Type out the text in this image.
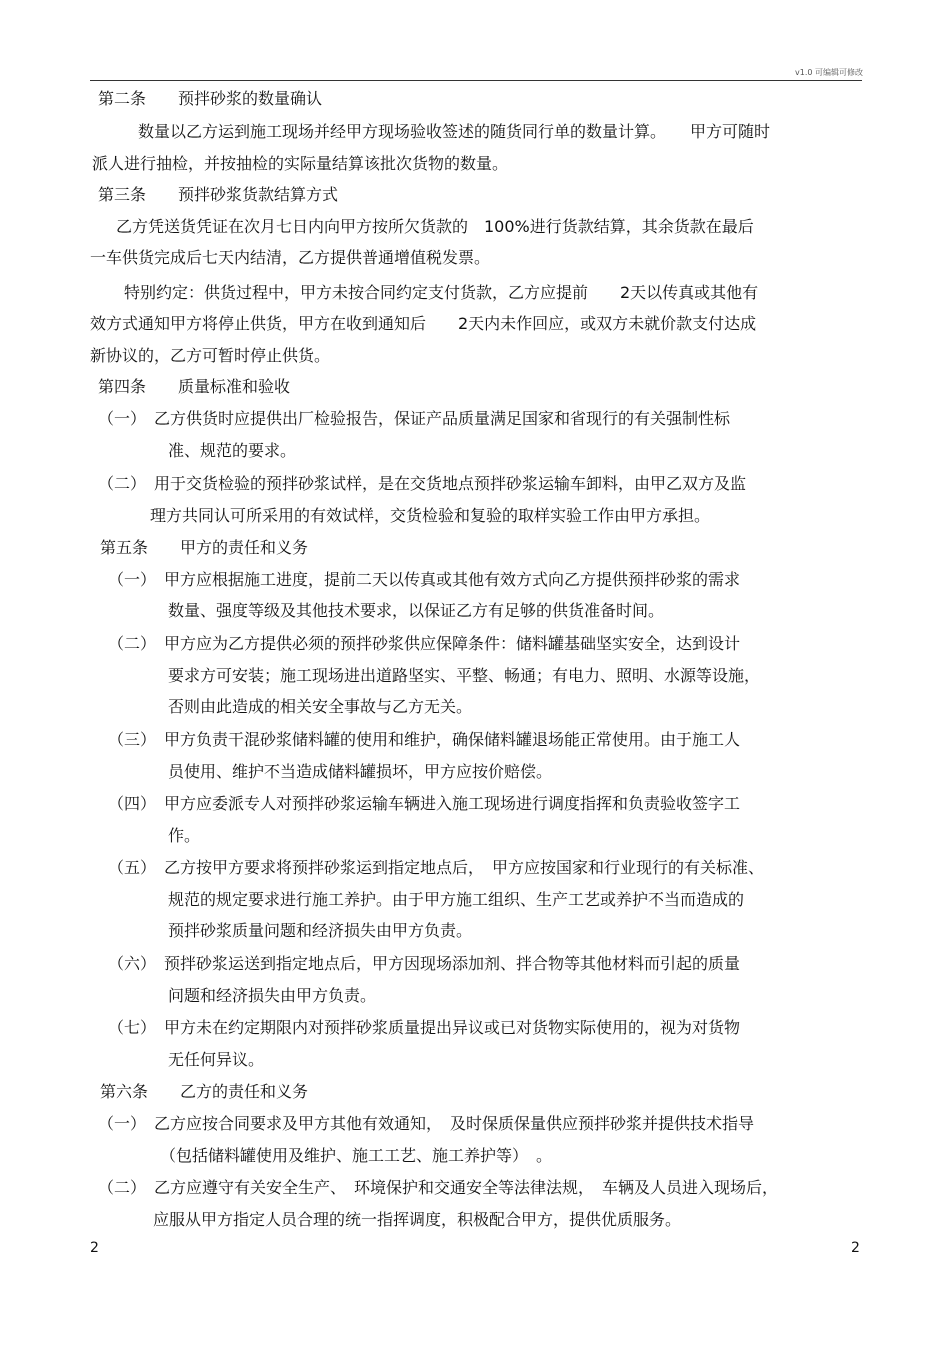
v1.0 可编辑可修改
第二条　　预拌砂浆的数量确认
　　数量以乙方运到施工现场并经甲方现场验收签述的随货同行单的数量计算。　　甲方可随时
派人进行抽检，并按抽检的实际量结算该批次货物的数量。
第三条　　预拌砂浆货款结算方式
　乙方凭送货凭证在次月七日内向甲方按所欠货款的　100%进行货款结算，其余货款在最后
一车供货完成后七天内结清，乙方提供普通增值税发票。
　特别约定：供货过程中，甲方未按合同约定支付货款，乙方应提前　　2天以传真或其他有
效方式通知甲方将停止供货，甲方在收到通知后　　2天内未作回应，或双方未就价款支付达成
新协议的，乙方可暂时停止供货。
第四条　　质量标准和验收
（一）　乙方供货时应提供出厂检验报告，保证产品质量满足国家和省现行的有关强制性标
准、规范的要求。
（二）　用于交货检验的预拌砂浆试样，是在交货地点预拌砂浆运输车卸料，由甲乙双方及监
理方共同认可所采用的有效试样，交货检验和复验的取样实验工作由甲方承担。
第五条　　甲方的责任和义务
（一）　甲方应根据施工进度，提前二天以传真或其他有效方式向乙方提供预拌砂浆的需求
数量、强度等级及其他技术要求，以保证乙方有足够的供货准备时间。
（二）　甲方应为乙方提供必须的预拌砂浆供应保障条件：储料罐基础坚实安全，达到设计
要求方可安装；施工现场进出道路坚实、平整、畅通；有电力、照明、水源等设施，
否则由此造成的相关安全事故与乙方无关。
（三）　甲方负责干混砂浆储料罐的使用和维护，确保储料罐退场能正常使用。由于施工人
员使用、维护不当造成储料罐损坏，甲方应按价赔偿。
（四）　甲方应委派专人对预拌砂浆运输车辆进入施工现场进行调度指挥和负责验收签字工
作。
（五）　乙方按甲方要求将预拌砂浆运到指定地点后，　甲方应按国家和行业现行的有关标准、
规范的规定要求进行施工养护。由于甲方施工组织、生产工艺或养护不当而造成的
预拌砂浆质量问题和经济损失由甲方负责。
（六）　预拌砂浆运送到指定地点后，甲方因现场添加剂、拌合物等其他材料而引起的质量
问题和经济损失由甲方负责。
（七）　甲方未在约定期限内对预拌砂浆质量提出异议或已对货物实际使用的，视为对货物
无任何异议。
第六条　　乙方的责任和义务
（一）　乙方应按合同要求及甲方其他有效通知，　及时保质保量供应预拌砂浆并提供技术指导
（包括储料罐使用及维护、施工工艺、施工养护等）　。
（二）　乙方应遵守有关安全生产、　环境保护和交通安全等法律法规，　车辆及人员进入现场后，
应服从甲方指定人员合理的统一指挥调度，积极配合甲方，提供优质服务。
2	2
